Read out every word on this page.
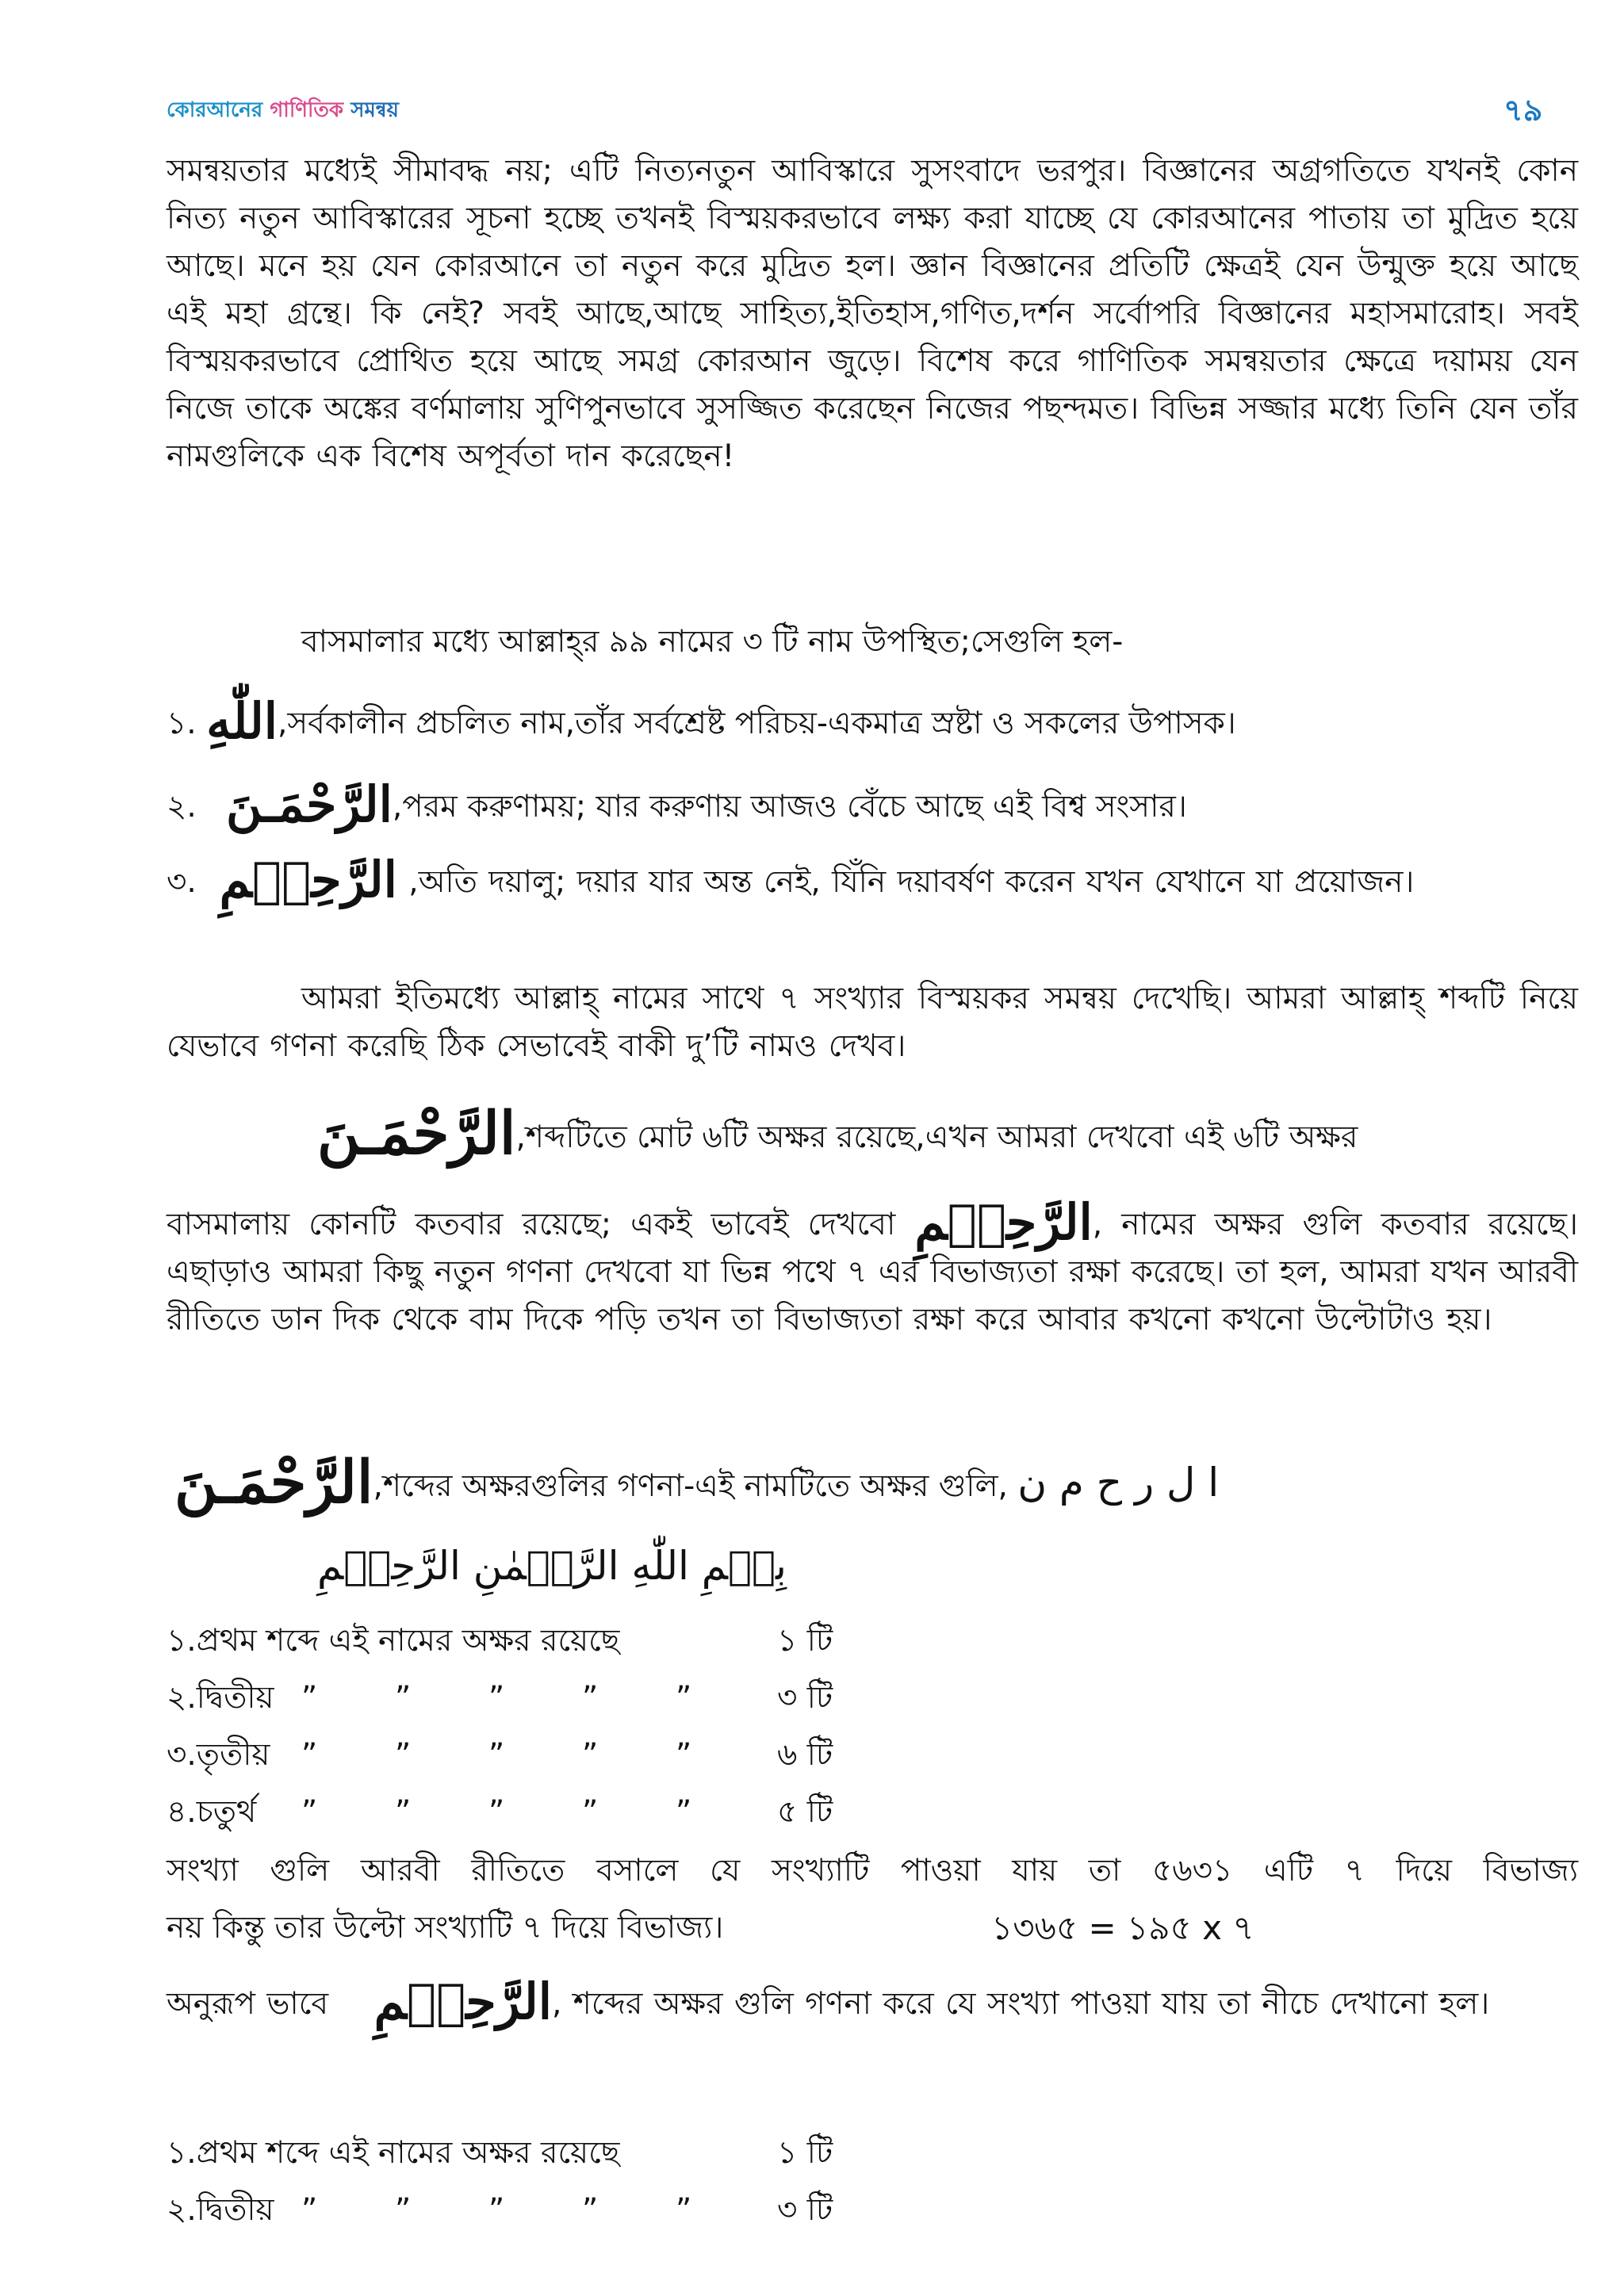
কোরআনের গাণিতিক সমন্বয়	৭৯

সমন্বয়তার মধ্যেই সীমাবদ্ধ নয়; এটি নিত্যনতুন আবিস্কারে সুসংবাদে ভরপুর। বিজ্ঞানের অগ্রগতিতে যখনই কোন নিত্য নতুন আবিস্কারের সূচনা হচ্ছে তখনই বিস্ময়করভাবে লক্ষ্য করা যাচ্ছে যে কোরআনের পাতায় তা মুদ্রিত হয়ে আছে। মনে হয় যেন কোরআনে তা নতুন করে মুদ্রিত হল। জ্ঞান বিজ্ঞানের প্রতিটি ক্ষেত্রই যেন উন্মুক্ত হয়ে আছে এই মহা গ্রন্থে। কি নেই? সবই আছে,আছে সাহিত্য,ইতিহাস,গণিত,দর্শন সর্বোপরি বিজ্ঞানের মহাসমারোহ। সবই বিস্ময়করভাবে প্রোথিত হয়ে আছে সমগ্র কোরআন জুড়ে। বিশেষ করে গাণিতিক সমন্বয়তার ক্ষেত্রে দয়াময় যেন নিজে তাকে অঙ্কের বর্ণমালায় সুণিপুনভাবে সুসজ্জিত করেছেন নিজের পছন্দমত। বিভিন্ন সজ্জার মধ্যে তিনি যেন তাঁর নামগুলিকে এক বিশেষ অপূর্বতা দান করেছেন!

বাসমালার মধ্যে আল্লাহ্‌র ৯৯ নামের ৩ টি নাম উপস্থিত;সেগুলি হল-
১. اللّٰهِ,সর্বকালীন প্রচলিত নাম,তাঁর সর্বশ্রেষ্ট পরিচয়-একমাত্র স্রষ্টা ও সকলের উপাসক।
২. الرَّحْمَـنَ,পরম করুণাময়; যার করুণায় আজও বেঁচে আছে এই বিশ্ব সংসার।

৩. الرَّحِيۡمِ ,অতি দয়ালু; দয়ার যার অন্ত নেই, যিঁনি দয়াবর্ষণ করেন যখন যেখানে যা প্রয়োজন।

আমরা ইতিমধ্যে আল্লাহ্‌ নামের সাথে ৭ সংখ্যার বিস্ময়কর সমন্বয় দেখেছি। আমরা আল্লাহ্‌ শব্দটি নিয়ে যেভাবে গণনা করেছি ঠিক সেভাবেই বাকী দু’টি নামও দেখব।

الرَّحْمَـنَ,শব্দটিতে মোট ৬টি অক্ষর রয়েছে,এখন আমরা দেখবো এই ৬টি অক্ষর

বাসমালায় কোনটি কতবার রয়েছে; একই ভাবেই দেখবো الرَّحِيۡمِ, নামের অক্ষর গুলি কতবার রয়েছে। এছাড়াও আমরা কিছু নতুন গণনা দেখবো যা ভিন্ন পথে ৭ এর বিভাজ্যতা রক্ষা করেছে। তা হল, আমরা যখন আরবী রীতিতে ডান দিক থেকে বাম দিকে পড়ি তখন তা বিভাজ্যতা রক্ষা করে আবার কখনো কখনো উল্টোটাও হয়।

الرَّحْمَـنَ,শব্দের অক্ষরগুলির গণনা-এই নামটিতে অক্ষর গুলি, ا ل ر ح م ن
بِسۡمِ اللّٰهِ الرَّحۡمٰنِ الرَّحِيۡمِ
১.প্রথম শব্দে এই নামের অক্ষর রয়েছে	১ টি
২.দ্বিতীয় ”	”	”	”	”	৩ টি
৩.তৃতীয় ”	”	”	”	”	৬ টি
৪.চতুর্থ ”	”	”	”	”	৫ টি

সংখ্যা গুলি আরবী রীতিতে বসালে যে সংখ্যাটি পাওয়া যায় তা ৫৬৩১ এটি ৭ দিয়ে বিভাজ্য

নয় কিন্তু তার উল্টো সংখ্যাটি ৭ দিয়ে বিভাজ্য।	১৩৬৫ = ১৯৫ x ৭

অনুরূপ ভাবে الرَّحِيۡمِ, শব্দের অক্ষর গুলি গণনা করে যে সংখ্যা পাওয়া যায় তা নীচে দেখানো হল।

১.প্রথম শব্দে এই নামের অক্ষর রয়েছে	১ টি
২.দ্বিতীয় ”	”	”	”	”	৩ টি
